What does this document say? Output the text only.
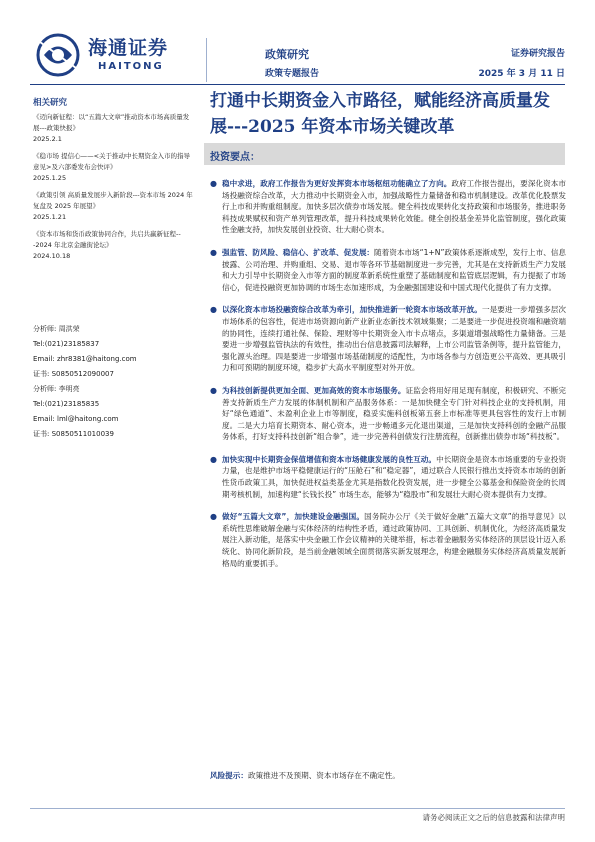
海通证券
HAITONG
政策研究
政策专题报告
证券研究报告
2025 年 3 月 11 日
打通中长期资金入市路径，赋能经济高质量发展---2025 年资本市场关键改革
相关研究
《迈向新征程：以“五篇大文章”推动资本市场高质量发展---政策快报》
2025.2.1
《稳市场 提信心——<关于推动中长期资金入市的指导意见>及六部委发布会快评》
2025.1.25
《政策引领 高质量发展步入新阶段---资本市场 2024 年复盘及 2025 年展望》
2025.1.21
《资本市场和货币政策协同合作，共启共赢新征程---2024 年北京金融街论坛》
2024.10.18
分析师: 周洪荣
Tel:(021)23185837
Email: zhr8381@haitong.com
证书: S0850512090007
分析师: 李明亮
Tel:(021)23185835
Email: lml@haitong.com
证书: S0850511010039
投资要点：
● 稳中求进，政府工作报告为更好发挥资本市场枢纽功能确立了方向。政府工作报告提出，要深化资本市场投融资综合改革，大力推动中长期资金入市，加强战略性力量储备和稳市机制建设。改革优化股票发行上市和并购重组制度。加快多层次债券市场发展。健全科技成果转化支持政策和市场服务，推进职务科技成果赋权和资产单列管理改革，提升科技成果转化效能。健全创投基金差异化监管制度，强化政策性金融支持，加快发展创业投资、壮大耐心资本。
● 强监管、防风险、稳信心、扩改革、促发展：随着资本市场“1+N”政策体系逐渐成型，发行上市、信息披露、公司治理、并购重组、交易、退市等各环节基础制度进一步完善，尤其是在支持新质生产力发展和大力引导中长期资金入市等方面的制度革新系统性重塑了基础制度和监管底层逻辑，有力提振了市场信心，促进投融资更加协调的市场生态加速形成，为金融强国建设和中国式现代化提供了有力支撑。
● 以深化资本市场投融资综合改革为牵引，加快推进新一轮资本市场改革开放。一是要进一步增强多层次市场体系的包容性，促进市场资源向新产业新业态新技术领域集聚；二是要进一步促进投资端和融资端的协同性，连续打通社保、保险、理财等中长期资金入市卡点堵点，多渠道增强战略性力量储备。三是要进一步增强监管执法的有效性，推动出台信息披露司法解释，上市公司监管条例等，提升监管能力，强化源头治理。四是要进一步增强市场基础制度的适配性，为市场各参与方创造更公平高效、更具吸引力和可预期的制度环境，稳步扩大高水平制度型对外开放。
● 为科技创新提供更加全面、更加高效的资本市场服务。证监会将用好用足现有制度，积极研究、不断完善支持新质生产力发展的体制机制和产品服务体系：一是加快健全专门针对科技企业的支持机制，用好“绿色通道”、未盈利企业上市等制度，稳妥实施科创板第五套上市标准等更具包容性的发行上市制度。二是大力培育长期资本、耐心资本，进一步畅通多元化退出渠道，三是加快支持科创的金融产品服务体系，打好支持科技创新“组合拳”，进一步完善科创债发行注册流程，创新推出债券市场“科技板”。
● 加快实现中长期资金保值增值和资本市场健康发展的良性互动。中长期资金是资本市场重要的专业投资力量，也是维护市场平稳健康运行的“压舱石”和“稳定器”，通过联合人民银行推出支持资本市场的创新性货币政策工具，加快促进权益类基金尤其是指数化投资发展，进一步健全公募基金和保险资金的长周期考核机制，加速构建“长钱长投” 市场生态，能够为“稳股市”和发展壮大耐心资本提供有力支撑。
● 做好“五篇大文章”，加快建设金融强国。国务院办公厅《关于做好金融“五篇大文章”的指导意见》以系统性思维破解金融与实体经济的结构性矛盾，通过政策协同、工具创新、机制优化，为经济高质量发展注入新动能，是落实中央金融工作会议精神的关键举措，标志着金融服务实体经济的顶层设计迈入系统化、协同化新阶段，是当前金融领域全面贯彻落实新发展理念，构建金融服务实体经济高质量发展新格局的重要抓手。
风险提示：政策推进不及预期、资本市场存在不确定性。
请务必阅读正文之后的信息披露和法律声明
